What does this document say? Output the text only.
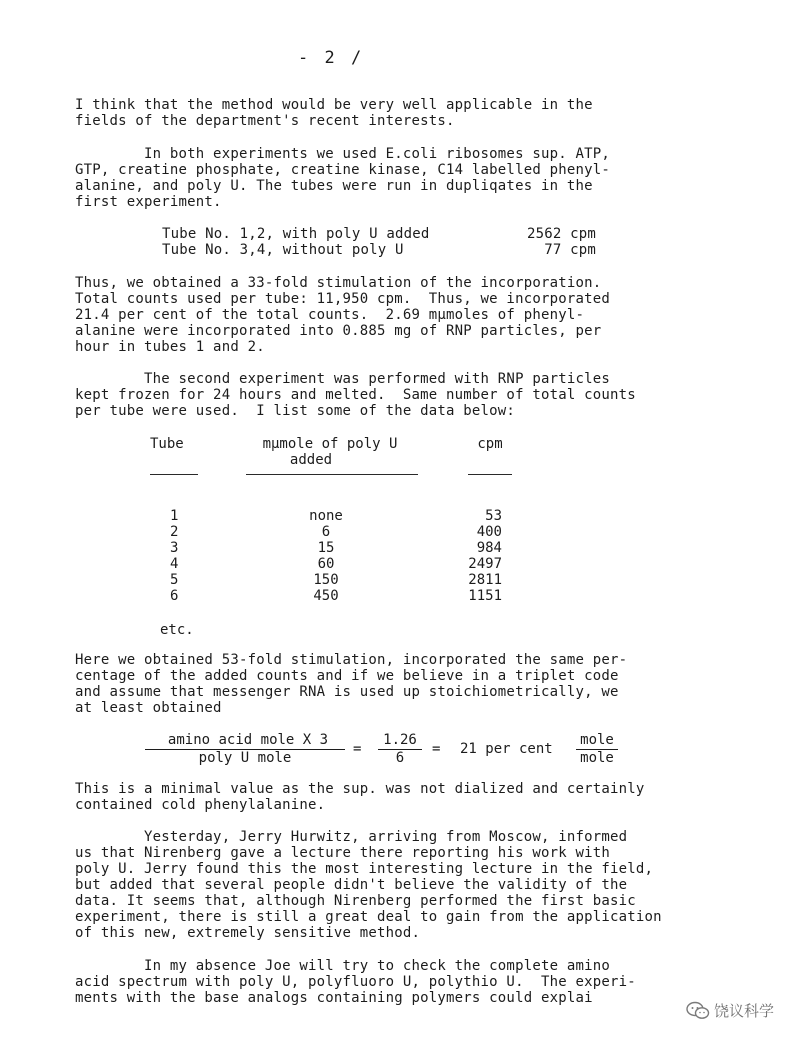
- 2 /
I think that the method would be very well applicable in the
fields of the department's recent interests.
In both experiments we used E.coli ribosomes sup. ATP,
GTP, creatine phosphate, creatine kinase, C14 labelled phenyl-
alanine, and poly U. The tubes were run in dupliqates in the
first experiment.
Tube No. 1,2, with poly U added	2562 cpm
Tube No. 3,4, without poly U	77 cpm
Thus, we obtained a 33-fold stimulation of the incorporation.
Total counts used per tube: 11,950 cpm.  Thus, we incorporated
21.4 per cent of the total counts.  2.69 mμmoles of phenyl-
alanine were incorporated into 0.885 mg of RNP particles, per
hour in tubes 1 and 2.
The second experiment was performed with RNP particles
kept frozen for 24 hours and melted.  Same number of total counts
per tube were used.  I list some of the data below:
Tube	mμmole of poly U
added
cpm
1	none	53
2	6	400
3	15	984
4	60	2497
5	150	2811
6	450	1151
etc.
Here we obtained 53-fold stimulation, incorporated the same per-
centage of the added counts and if we believe in a triplet code
and assume that messenger RNA is used up stoichiometrically, we
at least obtained
amino acid mole X 3
poly U mole
=
1.26
6
= 21 per cent
mole
mole
This is a minimal value as the sup. was not dialized and certainly
contained cold phenylalanine.
Yesterday, Jerry Hurwitz, arriving from Moscow, informed
us that Nirenberg gave a lecture there reporting his work with
poly U. Jerry found this the most interesting lecture in the field,
but added that several people didn't believe the validity of the
data. It seems that, although Nirenberg performed the first basic
experiment, there is still a great deal to gain from the application
of this new, extremely sensitive method.
In my absence Joe will try to check the complete amino
acid spectrum with poly U, polyfluoro U, polythio U.  The experi-
ments with the base analogs containing polymers could explai
饶议科学
